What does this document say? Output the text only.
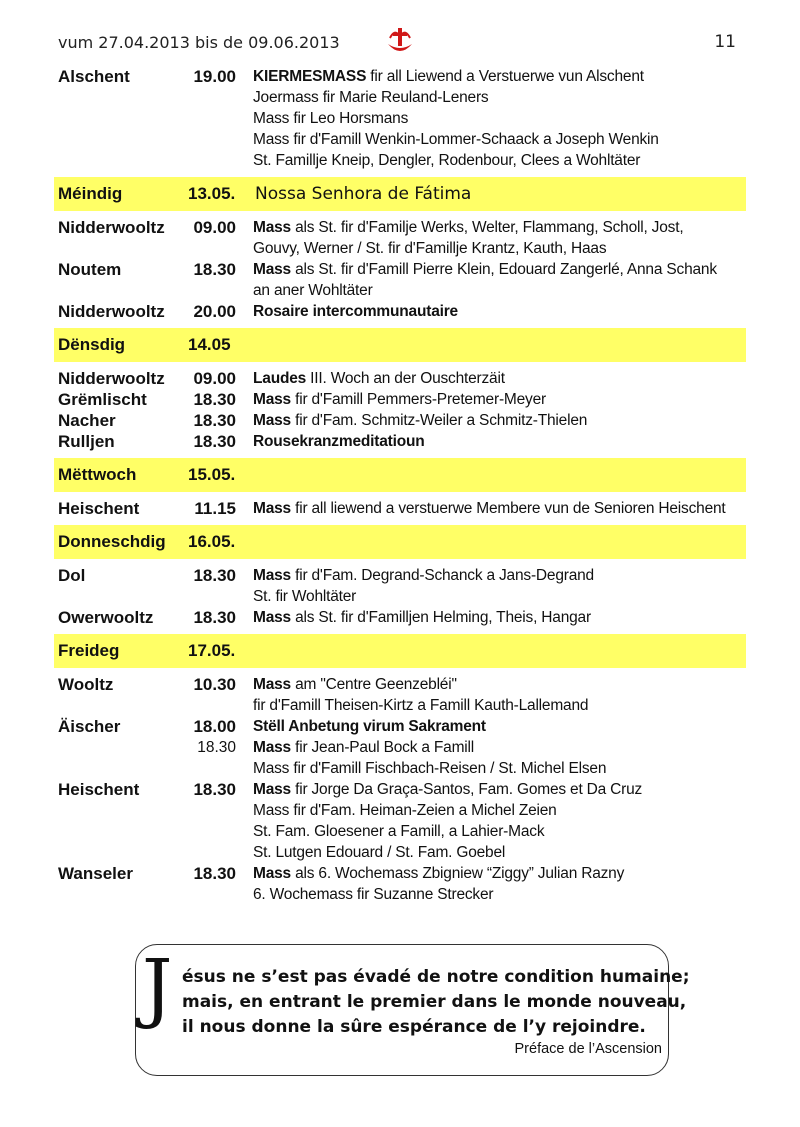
vum 27.04.2013 bis de 09.06.2013	11
Alschent	19.00 KIERMESMASS fir all Liewend a Verstuerwe vun Alschent
Joermass fir Marie Reuland-Leners
Mass fir Leo Horsmans
Mass fir d'Famill Wenkin-Lommer-Schaack a Joseph Wenkin
St. Famillje Kneip, Dengler, Rodenbour, Clees a Wohltäter
Méindig	13.05. Nossa Senhora de Fátima
Nidderwooltz 09.00 Mass als St. fir d'Familje Werks, Welter, Flammang, Scholl, Jost,
Gouvy, Werner / St. fir d'Famillje Krantz, Kauth, Haas
Noutem	18.30 Mass als St. fir d'Famill Pierre Klein, Edouard Zangerlé, Anna Schank
an aner Wohltäter
Nidderwooltz 20.00 Rosaire intercommunautaire
Dënsdig	14.05
Nidderwooltz 09.00 Laudes III. Woch an der Ouschterzäit
Grëmlischt	18.30 Mass fir d'Famill Pemmers-Pretemer-Meyer
Nacher	18.30 Mass fir d'Fam. Schmitz-Weiler a Schmitz-Thielen
Rulljen	18.30 Rousekranzmeditatioun
Mëttwoch	15.05.
Heischent	11.15 Mass fir all liewend a verstuerwe Membere vun de Senioren Heischent
Donneschdig 16.05.
Dol	18.30 Mass fir d'Fam. Degrand-Schanck a Jans-Degrand
St. fir Wohltäter
Owerwooltz 18.30 Mass als St. fir d'Familljen Helming, Theis, Hangar
Freideg	17.05.
Wooltz	10.30 Mass am "Centre Geenzebléi"
fir d'Famill Theisen-Kirtz a Famill Kauth-Lallemand
Äischer	18.00 Stëll Anbetung virum Sakrament
18.30 Mass fir Jean-Paul Bock a Famill
Mass fir d'Famill Fischbach-Reisen / St. Michel Elsen
Heischent	18.30 Mass fir Jorge Da Graça-Santos, Fam. Gomes et Da Cruz
Mass fir d'Fam. Heiman-Zeien a Michel Zeien
St. Fam. Gloesener a Famill, a Lahier-Mack
St. Lutgen Edouard / St. Fam. Goebel
Wanseler	18.30 Mass als 6. Wochemass Zbigniew “Ziggy” Julian Razny
6. Wochemass fir Suzanne Strecker
J ésus ne s’est pas évadé de notre condition humaine;
mais, en entrant le premier dans le monde nouveau,
il nous donne la sûre espérance de l’y rejoindre.
Préface de l’Ascension
